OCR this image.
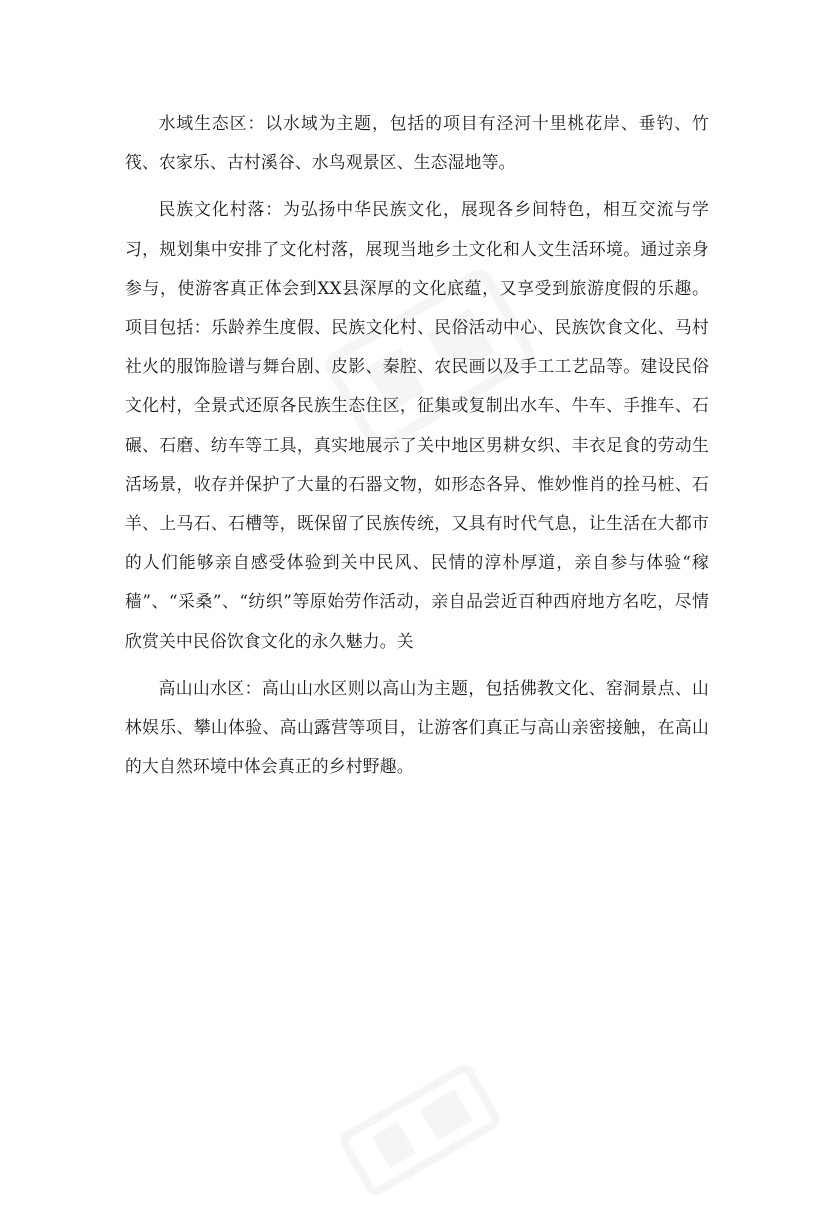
水域生态区：以水域为主题，包括的项目有泾河十里桃花岸、垂钓、竹筏、农家乐、古村溪谷、水鸟观景区、生态湿地等。

民族文化村落：为弘扬中华民族文化，展现各乡间特色，相互交流与学习，规划集中安排了文化村落，展现当地乡土文化和人文生活环境。通过亲身参与，使游客真正体会到XX县深厚的文化底蕴，又享受到旅游度假的乐趣。项目包括：乐龄养生度假、民族文化村、民俗活动中心、民族饮食文化、马村社火的服饰脸谱与舞台剧、皮影、秦腔、农民画以及手工工艺品等。建设民俗文化村，全景式还原各民族生态住区，征集或复制出水车、牛车、手推车、石碾、石磨、纺车等工具，真实地展示了关中地区男耕女织、丰衣足食的劳动生活场景，收存并保护了大量的石器文物，如形态各异、惟妙惟肖的拴马桩、石羊、上马石、石槽等，既保留了民族传统，又具有时代气息，让生活在大都市的人们能够亲自感受体验到关中民风、民情的淳朴厚道，亲自参与体验“稼穑”、“采桑”、“纺织”等原始劳作活动，亲自品尝近百种西府地方名吃，尽情欣赏关中民俗饮食文化的永久魅力。关

高山山水区：高山山水区则以高山为主题，包括佛教文化、窑洞景点、山林娱乐、攀山体验、高山露营等项目，让游客们真正与高山亲密接触，在高山的大自然环境中体会真正的乡村野趣。
